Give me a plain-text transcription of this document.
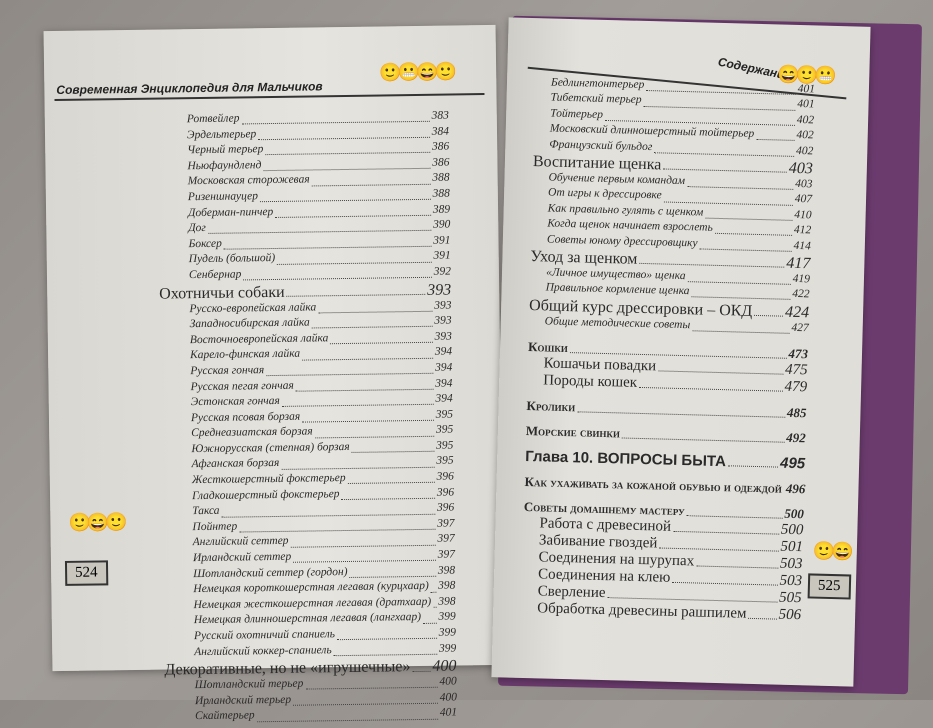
Современная Энциклопедия для Мальчиков
🙂😬😄🙂
Ротвейлер	383
Эрдельтерьер	384
Черный терьер	386
Ньюфаундленд	386
Московская сторожевая	388
Ризеншнауцер	388
Доберман-пинчер	389
Дог	390
Боксер	391
Пудель (большой)	391
Сенбернар	392
Охотничьи собаки	393
Русско-европейская лайка	393
Западносибирская лайка	393
Восточноевропейская лайка	393
Карело-финская лайка	394
Русская гончая	394
Русская пегая гончая	394
Эстонская гончая	394
Русская псовая борзая	395
Среднеазиатская борзая	395
Южнорусская (степная) борзая	395
Афганская борзая	395
Жесткошерстный фокстерьер	396
Гладкошерстный фокстерьер	396
Такса	396
Пойнтер	397
Английский сеттер	397
Ирландский сеттер	397
Шотландский сеттер (гордон)	398
Немецкая короткошерстная легавая (курцхаар) 398
Немецкая жесткошерстная легавая (дратхаар) 398
Немецкая длинношерстная легавая (лангхаар) 399
Русский охотничий спаниель	399
Английский коккер-спаниель	399
Декоративные, но не «игрушечные» 400
Шотландский терьер	400
Ирландский терьер	400
Скайтерьер	401
🙂😄🙂
524
Содержание
😄🙂😬
Бедлингтонтерьер	401
Тибетский терьер	401
Тойтерьер	402
Московский длинношерстный тойтерьер	402
Французский бульдог	402
Воспитание щенка	403
Обучение первым командам	403
От игры к дрессировке	407
Как правильно гулять с щенком	410
Когда щенок начинает взрослеть	412
Советы юному дрессировщику	414
Уход за щенком	417
«Личное имущество» щенка	419
Правильное кормление щенка	422
Общий курс дрессировки – ОКД 424
Общие методические советы	427
Кошки	473
Кошачьи повадки	475
Породы кошек	479
Кролики	485
Морские свинки	492
Глава 10. ВОПРОСЫ БЫТА	495
Как ухаживать за кожаной обувью и одеждой 496
Советы домашнему мастеру	500
Работа с древесиной	500
Забивание гвоздей	501
Соединения на шурупах	503
Соединения на клею	503
Сверление	505
Обработка древесины рашпилем 506
🙂😄
525
